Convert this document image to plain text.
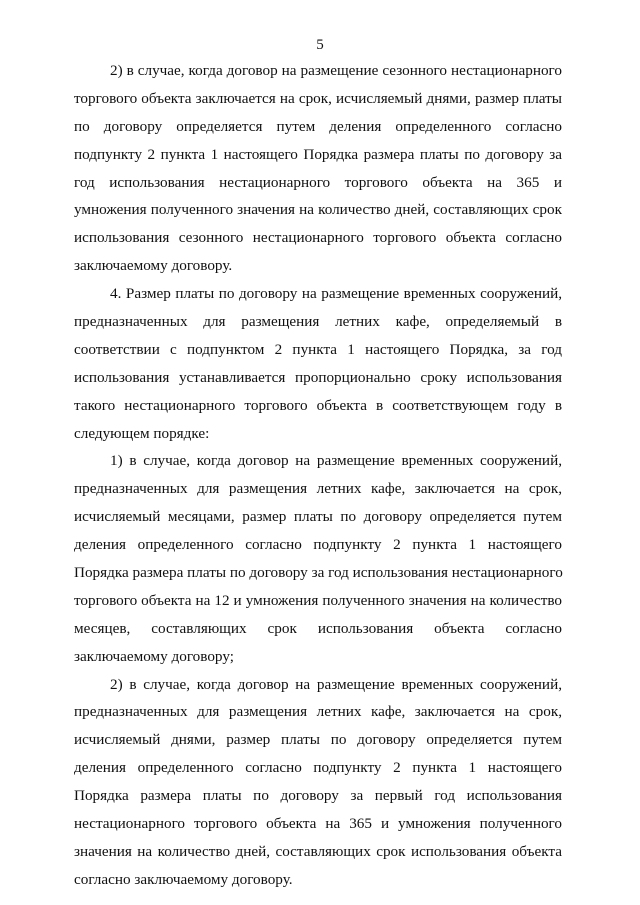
5
2) в случае, когда договор на размещение сезонного нестационарного
торгового объекта заключается на срок, исчисляемый днями, размер платы
по договору определяется путем деления определенного согласно
подпункту 2 пункта 1 настоящего Порядка размера платы по договору за
год использования нестационарного торгового объекта на 365 и
умножения полученного значения на количество дней, составляющих срок
использования сезонного нестационарного торгового объекта согласно
заключаемому договору.
4. Размер платы по договору на размещение временных сооружений,
предназначенных для размещения летних кафе, определяемый в
соответствии с подпунктом 2 пункта 1 настоящего Порядка, за год
использования устанавливается пропорционально сроку использования
такого нестационарного торгового объекта в соответствующем году в
следующем порядке:
1) в случае, когда договор на размещение временных сооружений,
предназначенных для размещения летних кафе, заключается на срок,
исчисляемый месяцами, размер платы по договору определяется путем
деления определенного согласно подпункту 2 пункта 1 настоящего
Порядка размера платы по договору за год использования нестационарного
торгового объекта на 12 и умножения полученного значения на количество
месяцев, составляющих срок использования объекта согласно
заключаемому договору;
2) в случае, когда договор на размещение временных сооружений,
предназначенных для размещения летних кафе, заключается на срок,
исчисляемый днями, размер платы по договору определяется путем
деления определенного согласно подпункту 2 пункта 1 настоящего
Порядка размера платы по договору за первый год использования
нестационарного торгового объекта на 365 и умножения полученного
значения на количество дней, составляющих срок использования объекта
согласно заключаемому договору.
